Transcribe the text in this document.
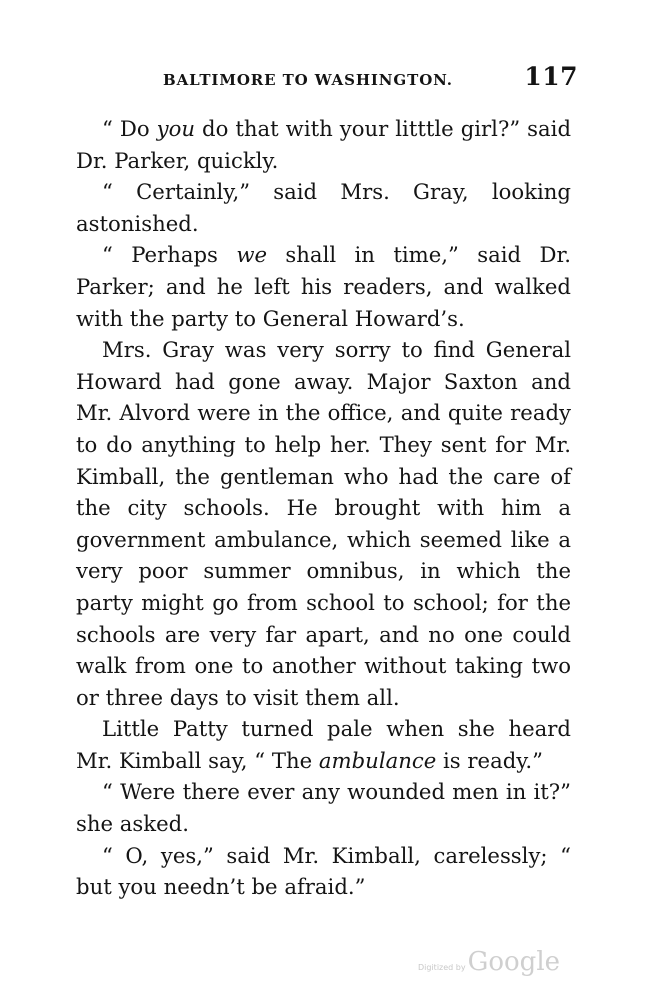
BALTIMORE TO WASHINGTON.	117

“ Do you do that with your litttle girl?” said Dr. Parker, quickly.

“ Certainly,” said Mrs. Gray, looking astonished.

“ Perhaps we shall in time,” said Dr. Parker; and he left his readers, and walked with the party to General Howard’s.

Mrs. Gray was very sorry to find General Howard had gone away. Major Saxton and Mr. Alvord were in the office, and quite ready to do anything to help her. They sent for Mr. Kimball, the gentleman who had the care of the city schools. He brought with him a government ambulance, which seemed like a very poor summer omnibus, in which the party might go from school to school; for the schools are very far apart, and no one could walk from one to another without taking two or three days to visit them all.

Little Patty turned pale when she heard Mr. Kimball say, “ The ambulance is ready.”

“ Were there ever any wounded men in it?” she asked.

“ O, yes,” said Mr. Kimball, carelessly; “ but you needn’t be afraid.”

Digitized by Google
